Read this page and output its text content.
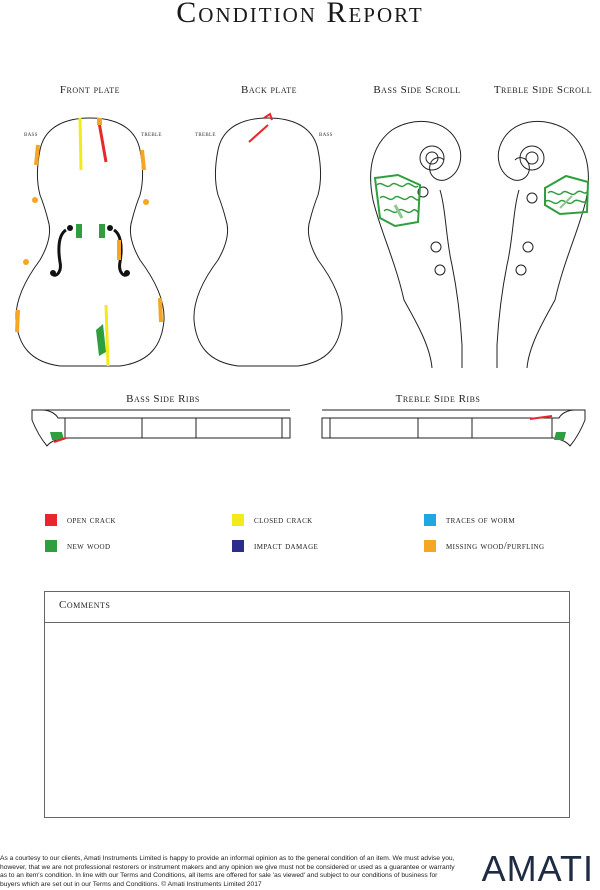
Condition Report
Front plate	Back plate	Bass Side Scroll	Treble Side Scroll
bass	treble	treble	bass
Bass Side Ribs	Treble Side Ribs
open crack	closed crack	traces of worm
new wood	impact damage	missing wood/purfling
Comments
As a courtesy to our clients, Amati Instruments Limited is happy to provide an informal opinion as to the general condition of an item. We must advise you, however, that we are not professional restorers or instrument makers and any opinion we give must not be considered or used as a guarantee or warranty as to an item's condition. In line with our Terms and Conditions, all items are offered for sale 'as viewed' and subject to our conditions of business for buyers which are set out in our Terms and Conditions. © Amati Instruments Limited 2017	AMATI
